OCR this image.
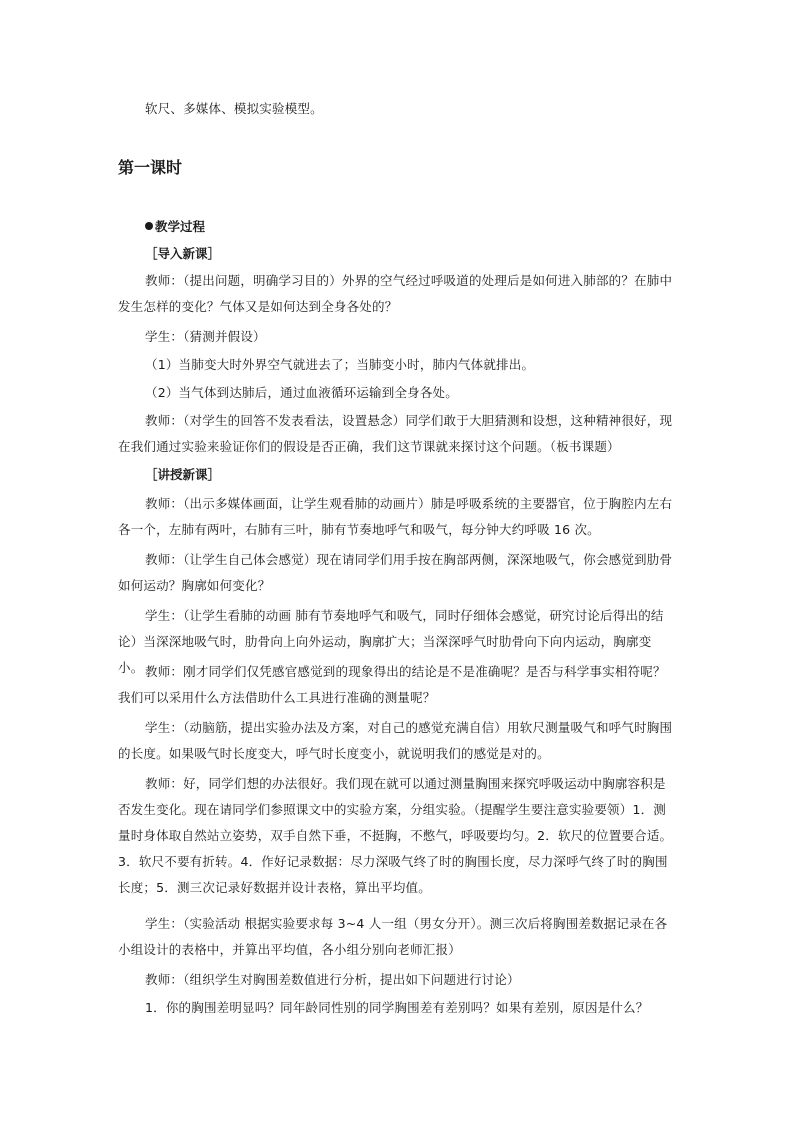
软尺、多媒体、模拟实验模型。

第一课时

教学过程

［导入新课］

教师：（提出问题，明确学习目的）外界的空气经过呼吸道的处理后是如何进入肺部的？在肺中发生怎样的变化？气体又是如何达到全身各处的？

学生：（猜测并假设）

（1）当肺变大时外界空气就进去了；当肺变小时，肺内气体就排出。

（2）当气体到达肺后，通过血液循环运输到全身各处。

教师：（对学生的回答不发表看法，设置悬念）同学们敢于大胆猜测和设想，这种精神很好，现在我们通过实验来验证你们的假设是否正确，我们这节课就来探讨这个问题。（板书课题）

［讲授新课］

教师：（出示多媒体画面，让学生观看肺的动画片）肺是呼吸系统的主要器官，位于胸腔内左右各一个，左肺有两叶，右肺有三叶，肺有节奏地呼气和吸气，每分钟大约呼吸 16 次。

教师：（让学生自己体会感觉）现在请同学们用手按在胸部两侧，深深地吸气，你会感觉到肋骨如何运动？胸廓如何变化？

学生：（让学生看肺的动画 肺有节奏地呼气和吸气，同时仔细体会感觉，研究讨论后得出的结论）当深深地吸气时，肋骨向上向外运动，胸廓扩大；当深深呼气时肋骨向下向内运动，胸廓变小。 教师：刚才同学们仅凭感官感觉到的现象得出的结论是不是准确呢？是否与科学事实相符呢？我们可以采用什么方法借助什么工具进行准确的测量呢？

学生：（动脑筋，提出实验办法及方案，对自己的感觉充满自信）用软尺测量吸气和呼气时胸围的长度。如果吸气时长度变大，呼气时长度变小，就说明我们的感觉是对的。

教师：好，同学们想的办法很好。我们现在就可以通过测量胸围来探究呼吸运动中胸廓容积是否发生变化。现在请同学们参照课文中的实验方案，分组实验。（提醒学生要注意实验要领）1．测量时身体取自然站立姿势，双手自然下垂，不挺胸，不憋气，呼吸要均匀。2．软尺的位置要合适。3．软尺不要有折转。4．作好记录数据：尽力深吸气终了时的胸围长度，尽力深呼气终了时的胸围长度；5．测三次记录好数据并设计表格，算出平均值。

学生：（实验活动 根据实验要求每 3~4 人一组（男女分开）。测三次后将胸围差数据记录在各小组设计的表格中，并算出平均值，各小组分别向老师汇报）

教师：（组织学生对胸围差数值进行分析，提出如下问题进行讨论）

1．你的胸围差明显吗？同年龄同性别的同学胸围差有差别吗？如果有差别，原因是什么？
